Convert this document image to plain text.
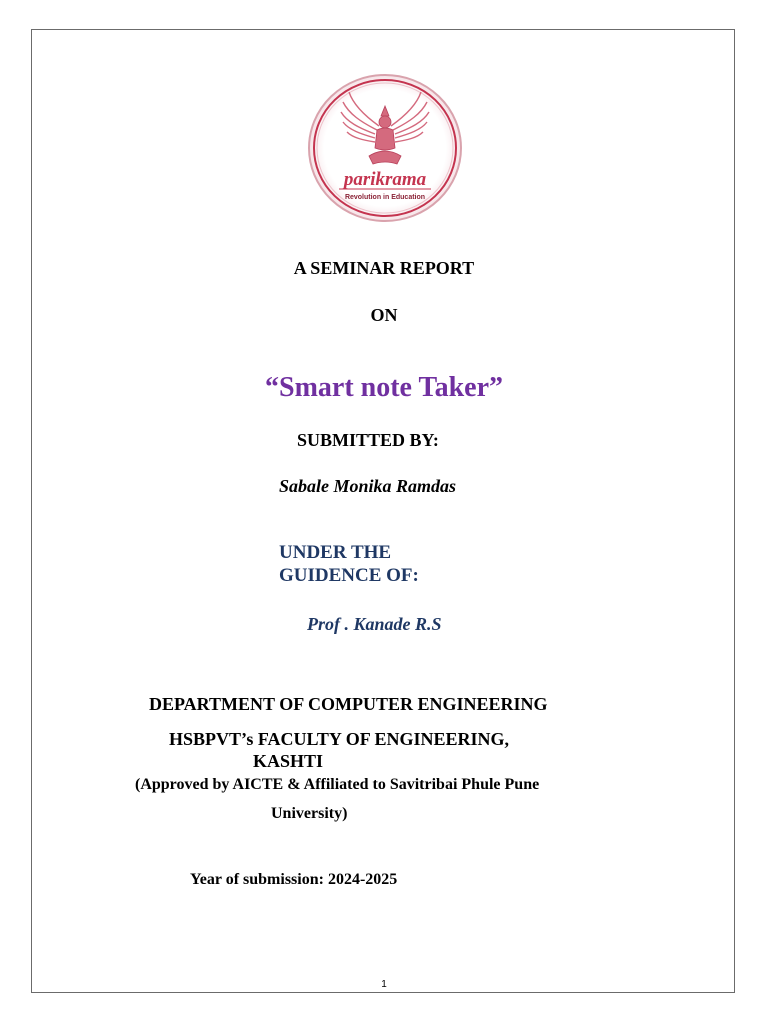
parikrama
Revolution in Education
A SEMINAR REPORT
ON
“Smart note Taker”
SUBMITTED BY:
Sabale Monika Ramdas
UNDER THE
GUIDENCE OF:
Prof . Kanade R.S
DEPARTMENT OF COMPUTER ENGINEERING
HSBPVT’s FACULTY OF ENGINEERING,
KASHTI
(Approved by AICTE & Affiliated to Savitribai Phule Pune
University)
Year of submission: 2024-2025
1
